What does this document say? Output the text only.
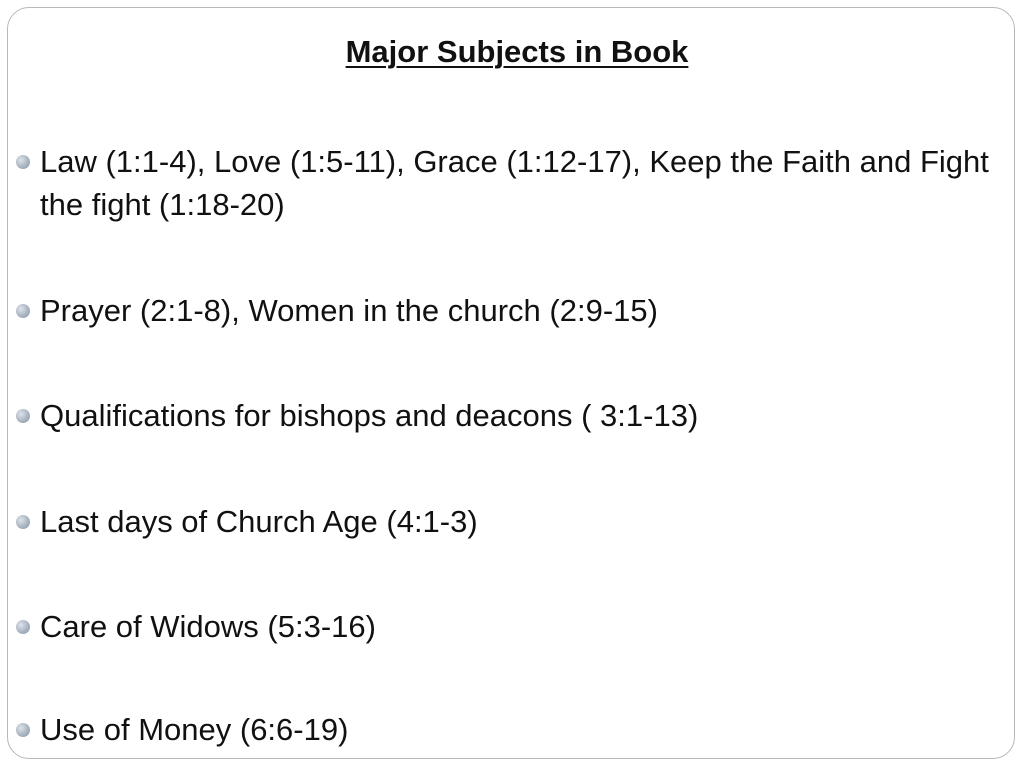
Major Subjects in Book
Law (1:1-4), Love (1:5-11), Grace (1:12-17), Keep the Faith and Fight the fight (1:18-20)
Prayer (2:1-8), Women in the church (2:9-15)
Qualifications for bishops and deacons ( 3:1-13)
Last days of Church Age (4:1-3)
Care of Widows (5:3-16)
Use of Money (6:6-19)
